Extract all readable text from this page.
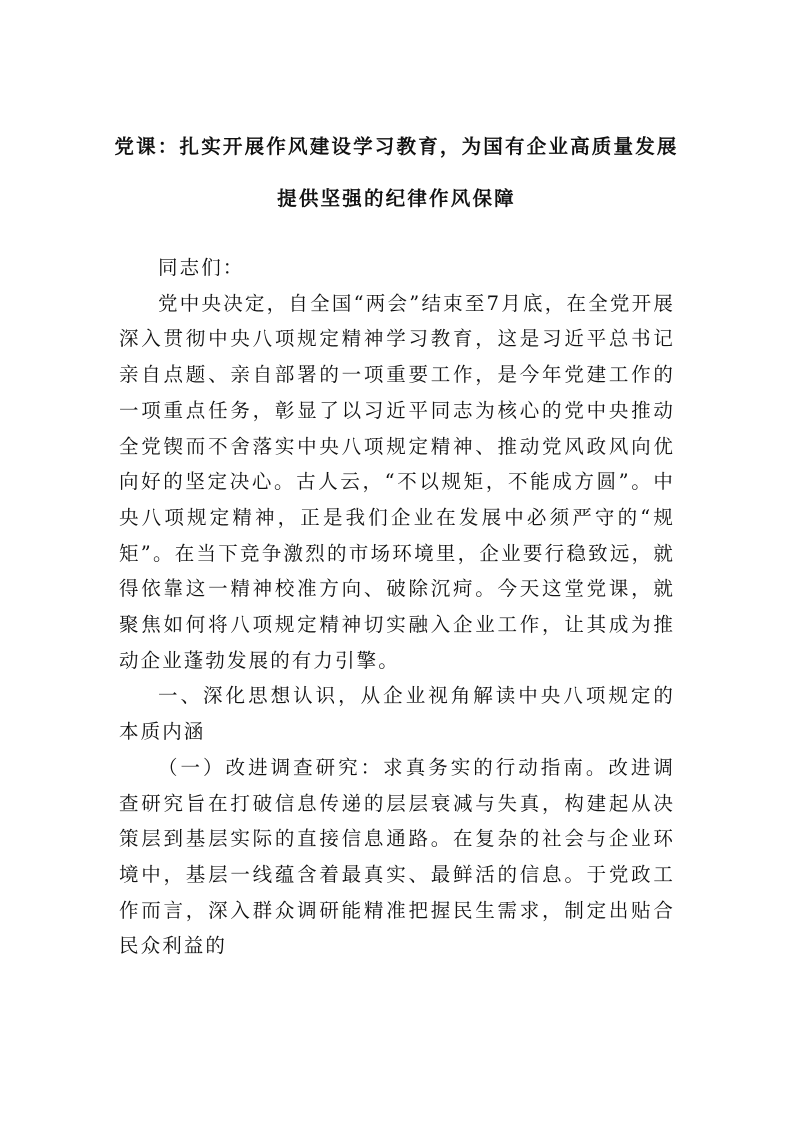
党课：扎实开展作风建设学习教育，为国有企业高质量发展
提供坚强的纪律作风保障

同志们：

党中央决定，自全国“两会”结束至7月底，在全党开展深入贯彻中央八项规定精神学习教育，这是习近平总书记亲自点题、亲自部署的一项重要工作，是今年党建工作的一项重点任务，彰显了以习近平同志为核心的党中央推动全党锲而不舍落实中央八项规定精神、推动党风政风向优向好的坚定决心。古人云，“不以规矩，不能成方圆”。中央八项规定精神，正是我们企业在发展中必须严守的“规矩”。在当下竞争激烈的市场环境里，企业要行稳致远，就得依靠这一精神校准方向、破除沉疴。今天这堂党课，就聚焦如何将八项规定精神切实融入企业工作，让其成为推动企业蓬勃发展的有力引擎。

一、深化思想认识，从企业视角解读中央八项规定的本质内涵

（一）改进调查研究：求真务实的行动指南。改进调查研究旨在打破信息传递的层层衰减与失真，构建起从决策层到基层实际的直接信息通路。在复杂的社会与企业环境中，基层一线蕴含着最真实、最鲜活的信息。于党政工作而言，深入群众调研能精准把握民生需求，制定出贴合民众利益的
